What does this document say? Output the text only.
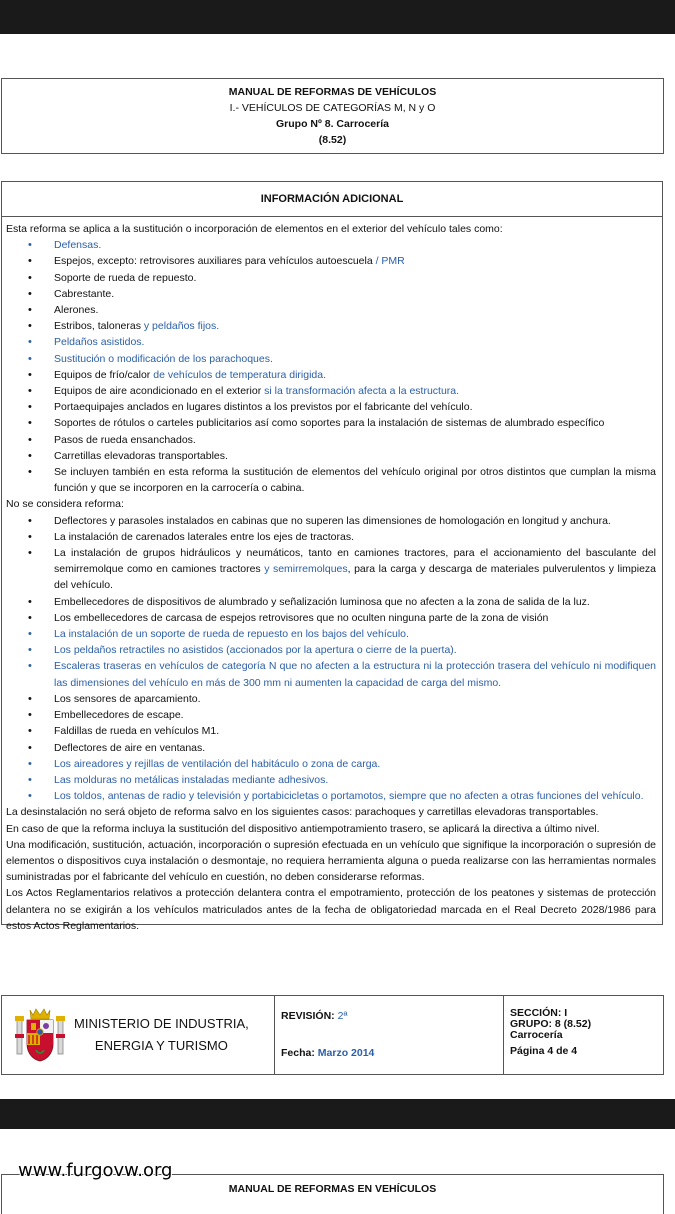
MANUAL DE REFORMAS DE VEHÍCULOS
I.- VEHÍCULOS DE CATEGORÍAS M, N y O
Grupo Nº 8. Carrocería
(8.52)
INFORMACIÓN ADICIONAL

Esta reforma se aplica a la sustitución o incorporación de elementos en el exterior del vehículo tales como:

• Defensas.
• Espejos, excepto: retrovisores auxiliares para vehículos autoescuela / PMR
• Soporte de rueda de repuesto.
• Cabrestante.
• Alerones.
• Estribos, taloneras y peldaños fijos.
• Peldaños asistidos.
• Sustitución o modificación de los parachoques.
• Equipos de frío/calor de vehículos de temperatura dirigida.
• Equipos de aire acondicionado en el exterior si la transformación afecta a la estructura.
• Portaequipajes anclados en lugares distintos a los previstos por el fabricante del vehículo.
• Soportes de rótulos o carteles publicitarios así como soportes para la instalación de sistemas de alumbrado específico
• Pasos de rueda ensanchados.
• Carretillas elevadoras transportables.
• Se incluyen también en esta reforma la sustitución de elementos del vehículo original por otros distintos que cumplan la misma función y que se incorporen en la carrocería o cabina.

No se considera reforma:

• Deflectores y parasoles instalados en cabinas que no superen las dimensiones de homologación en longitud y anchura.
• La instalación de carenados laterales entre los ejes de tractoras.
• La instalación de grupos hidráulicos y neumáticos, tanto en camiones tractores, para el accionamiento del basculante del semirremolque como en camiones tractores y semirremolques, para la carga y descarga de materiales pulverulentos y limpieza del vehículo.
• Embellecedores de dispositivos de alumbrado y señalización luminosa que no afecten a la zona de salida de la luz.
• Los embellecedores de carcasa de espejos retrovisores que no oculten ninguna parte de la zona de visión
• La instalación de un soporte de rueda de repuesto en los bajos del vehículo.
• Los peldaños retractiles no asistidos (accionados por la apertura o cierre de la puerta).
• Escaleras traseras en vehículos de categoría N que no afecten a la estructura ni la protección trasera del vehículo ni modifiquen las dimensiones del vehículo en más de 300 mm ni aumenten la capacidad de carga del mismo.
• Los sensores de aparcamiento.
• Embellecedores de escape.
• Faldillas de rueda en vehículos M1.
• Deflectores de aire en ventanas.
• Los aireadores y rejillas de ventilación del habitáculo o zona de carga.
• Las molduras no metálicas instaladas mediante adhesivos.
• Los toldos, antenas de radio y televisión y portabicicletas o portamotos, siempre que no afecten a otras funciones del vehículo.

La desinstalación no será objeto de reforma salvo en los siguientes casos: parachoques y carretillas elevadoras transportables.

En caso de que la reforma incluya la sustitución del dispositivo antiempotramiento trasero, se aplicará la directiva a último nivel.

Una modificación, sustitución, actuación, incorporación o supresión efectuada en un vehículo que signifique la incorporación o supresión de elementos o dispositivos cuya instalación o desmontaje, no requiera herramienta alguna o pueda realizarse con las herramientas normales suministradas por el fabricante del vehículo en cuestión, no deben considerarse reformas.

Los Actos Reglamentarios relativos a protección delantera contra el empotramiento, protección de los peatones y sistemas de protección delantera no se exigirán a los vehículos matriculados antes de la fecha de obligatoriedad marcada en el Real Decreto 2028/1986 para estos Actos Reglamentarios.

MINISTERIO DE INDUSTRIA,
ENERGIA Y TURISMO
REVISIÓN: 2ª
Fecha: Marzo 2014
SECCIÓN: I
GRUPO: 8 (8.52)
Carrocería
Página 4 de 4
MANUAL DE REFORMAS EN VEHÍCULOS
www.furgovw.org
